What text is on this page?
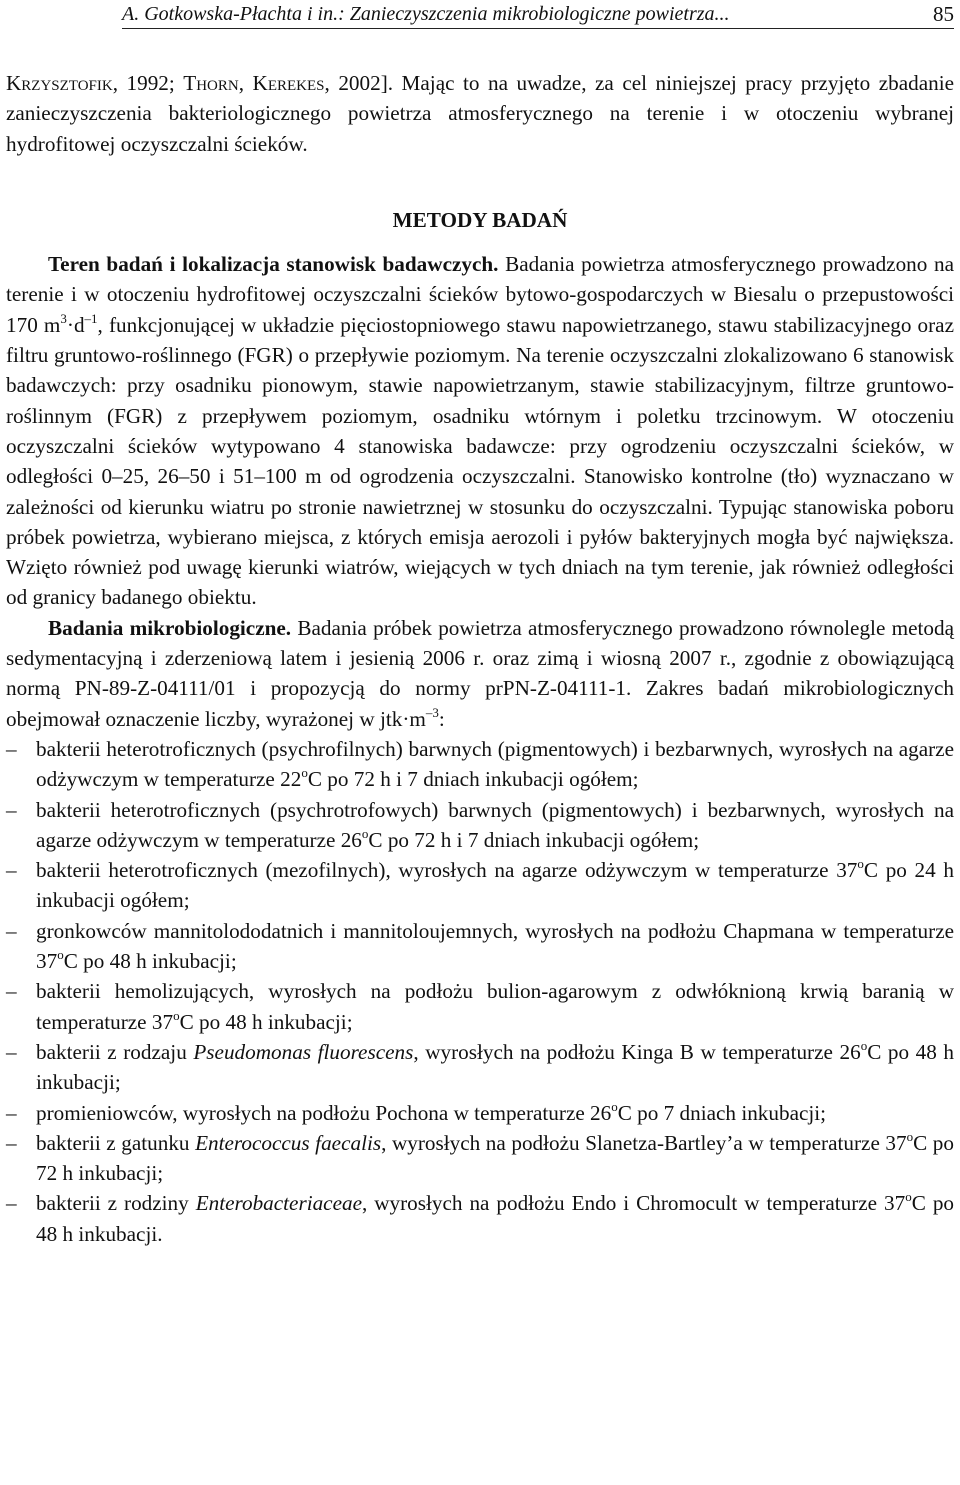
A. Gotkowska-Płachta i in.: Zanieczyszczenia mikrobiologiczne powietrza...	85

Krzysztofik, 1992; Thorn, Kerekes, 2002]. Mając to na uwadze, za cel niniejszej pracy przyjęto zbadanie zanieczyszczenia bakteriologicznego powietrza atmosferycznego na terenie i w otoczeniu wybranej hydrofitowej oczyszczalni ścieków.

METODY BADAŃ

Teren badań i lokalizacja stanowisk badawczych. Badania powietrza atmosferycznego prowadzono na terenie i w otoczeniu hydrofitowej oczyszczalni ścieków bytowo-gospodarczych w Biesalu o przepustowości 170 $m^3\cdot d^{-1}$, funkcjonującej w układzie pięciostopniowego stawu napowietrzanego, stawu stabilizacyjnego oraz filtru gruntowo-roślinnego (FGR) o przepływie poziomym. Na terenie oczyszczalni zlokalizowano 6 stanowisk badawczych: przy osadniku pionowym, stawie napowietrzanym, stawie stabilizacyjnym, filtrze gruntowo-roślinnym (FGR) z przepływem poziomym, osadniku wtórnym i poletku trzcinowym. W otoczeniu oczyszczalni ścieków wytypowano 4 stanowiska badawcze: przy ogrodzeniu oczyszczalni ścieków, w odległości 0–25, 26–50 i 51–100 m od ogrodzenia oczyszczalni. Stanowisko kontrolne (tło) wyznaczano w zależności od kierunku wiatru po stronie nawietrznej w stosunku do oczyszczalni. Typując stanowiska poboru próbek powietrza, wybierano miejsca, z których emisja aerozoli i pyłów bakteryjnych mogła być największa. Wzięto również pod uwagę kierunki wiatrów, wiejących w tych dniach na tym terenie, jak również odległości od granicy badanego obiektu.

Badania mikrobiologiczne. Badania próbek powietrza atmosferycznego prowadzono równolegle metodą sedymentacyjną i zderzeniową latem i jesienią 2006 r. oraz zimą i wiosną 2007 r., zgodnie z obowiązującą normą PN-89-Z-04111/01 i propozycją do normy prPN-Z-04111-1. Zakres badań mikrobiologicznych obejmował oznaczenie liczby, wyrażonej w $jtk\cdot m^{-3}$:

– bakterii heterotroficznych (psychrofilnych) barwnych (pigmentowych) i bezbarwnych, wyrosłych na agarze odżywczym w temperaturze 22$^o$C po 72 h i 7 dniach inkubacji ogółem;
– bakterii heterotroficznych (psychrotrofowych) barwnych (pigmentowych) i bezbarwnych, wyrosłych na agarze odżywczym w temperaturze 26$^o$C po 72 h i 7 dniach inkubacji ogółem;
– bakterii heterotroficznych (mezofilnych), wyrosłych na agarze odżywczym w temperaturze 37$^o$C po 24 h inkubacji ogółem;
– gronkowców mannitolododatnich i mannitoloujemnych, wyrosłych na podłożu Chapmana w temperaturze 37$^o$C po 48 h inkubacji;
– bakterii hemolizujących, wyrosłych na podłożu bulion-agarowym z odwłóknioną krwią baranią w temperaturze 37$^o$C po 48 h inkubacji;
– bakterii z rodzaju Pseudomonas fluorescens, wyrosłych na podłożu Kinga B w temperaturze 26$^o$C po 48 h inkubacji;
– promieniowców, wyrosłych na podłożu Pochona w temperaturze 26$^o$C po 7 dniach inkubacji;
– bakterii z gatunku Enterococcus faecalis, wyrosłych na podłożu Slanetza-Bartley’a w temperaturze 37$^o$C po 72 h inkubacji;
– bakterii z rodziny Enterobacteriaceae, wyrosłych na podłożu Endo i Chromocult w temperaturze 37$^o$C po 48 h inkubacji.
